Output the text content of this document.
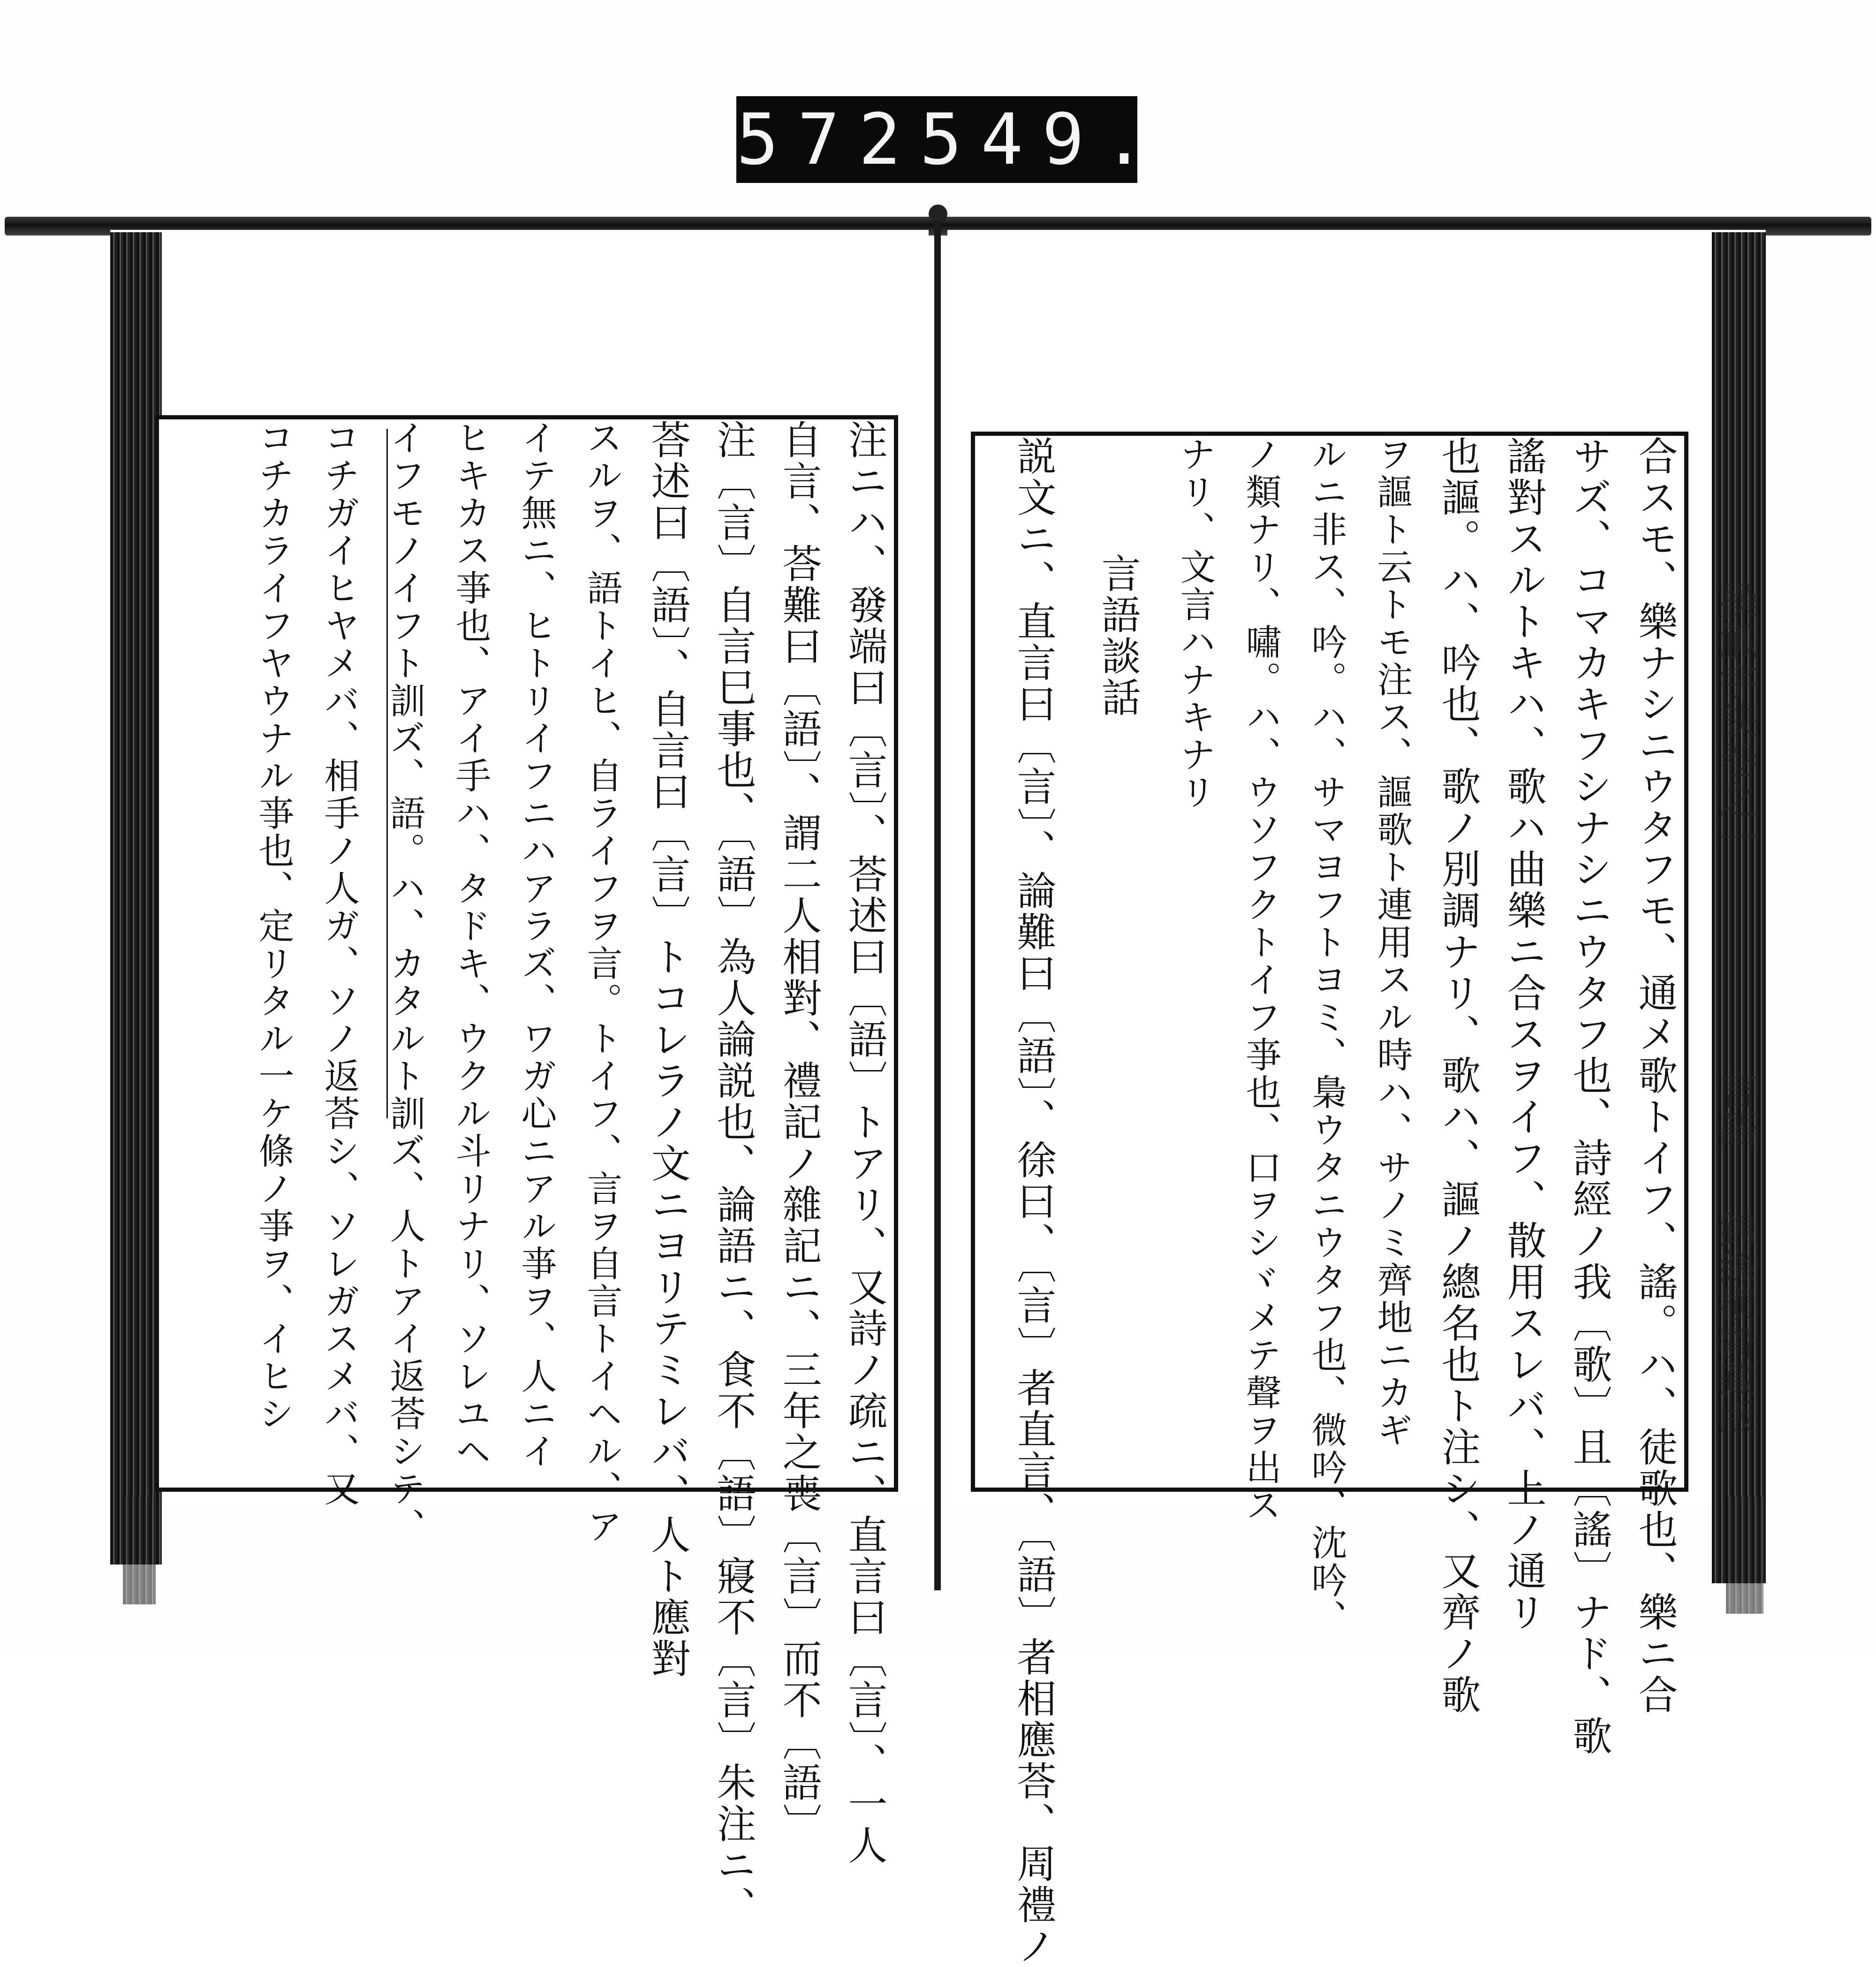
572 549.
操觚字訣卷之一
言語
錦絲横齋藏版
注ニハ、發端曰〔言〕、荅述曰〔語〕トアリ、又詩ノ疏ニ、直言曰〔言〕、一人
自言、荅難曰〔語〕、謂二人相對、禮記ノ雜記ニ、三年之喪〔言〕而不〔語〕
注〔言〕自言巳事也、〔語〕為人論説也、論語ニ、食不〔語〕寢不〔言〕朱注ニ、
荅述曰〔語〕、自言曰〔言〕トコレラノ文ニヨリテミレバ、人ト應對
スルヲ、語トイヒ、自ライフヲ言。トイフ、言ヲ自言トイヘル、ア
イテ無ニ、ヒトリイフニハアラズ、ワガ心ニアル亊ヲ、人ニイ
ヒキカス亊也、アイ手ハ、タドキ、ウクル斗リナリ、ソレユヘ
イフモノイフト訓ズ、語。ハ、カタルト訓ズ、人トアイ返荅シテ、
コチガイヒヤメバ、相手ノ人ガ、ソノ返荅シ、ソレガスメバ、又
コチカライフヤウナル亊也、定リタル一ケ條ノ亊ヲ、イヒシ	合スモ、樂ナシニウタフモ、通メ歌トイフ、謠。ハ、徒歌也、樂ニ合
サズ、コマカキフシナシニウタフ也、詩經ノ我〔歌〕且〔謠〕ナド、歌
謠對スルトキハ、歌ハ曲樂ニ合スヲイフ、散用スレバ、上ノ通リ
也謳。ハ、吟也、歌ノ別調ナリ、歌ハ、謳ノ總名也ト注シ、又齊ノ歌
ヲ謳ト云トモ注ス、謳歌ト連用スル時ハ、サノミ齊地ニカギ
ルニ非ス、吟。ハ、サマヨフトヨミ、梟ウタニウタフ也、微吟、沈吟、
ノ類ナリ、嘯。ハ、ウソフクトイフ亊也、口ヲシヾメテ聲ヲ出ス
ナリ、文言ハナキナリ
言語談話
説文ニ、直言曰〔言〕、論難曰〔語〕、徐曰、〔言〕者直言、〔語〕者相應荅、周禮ノ
